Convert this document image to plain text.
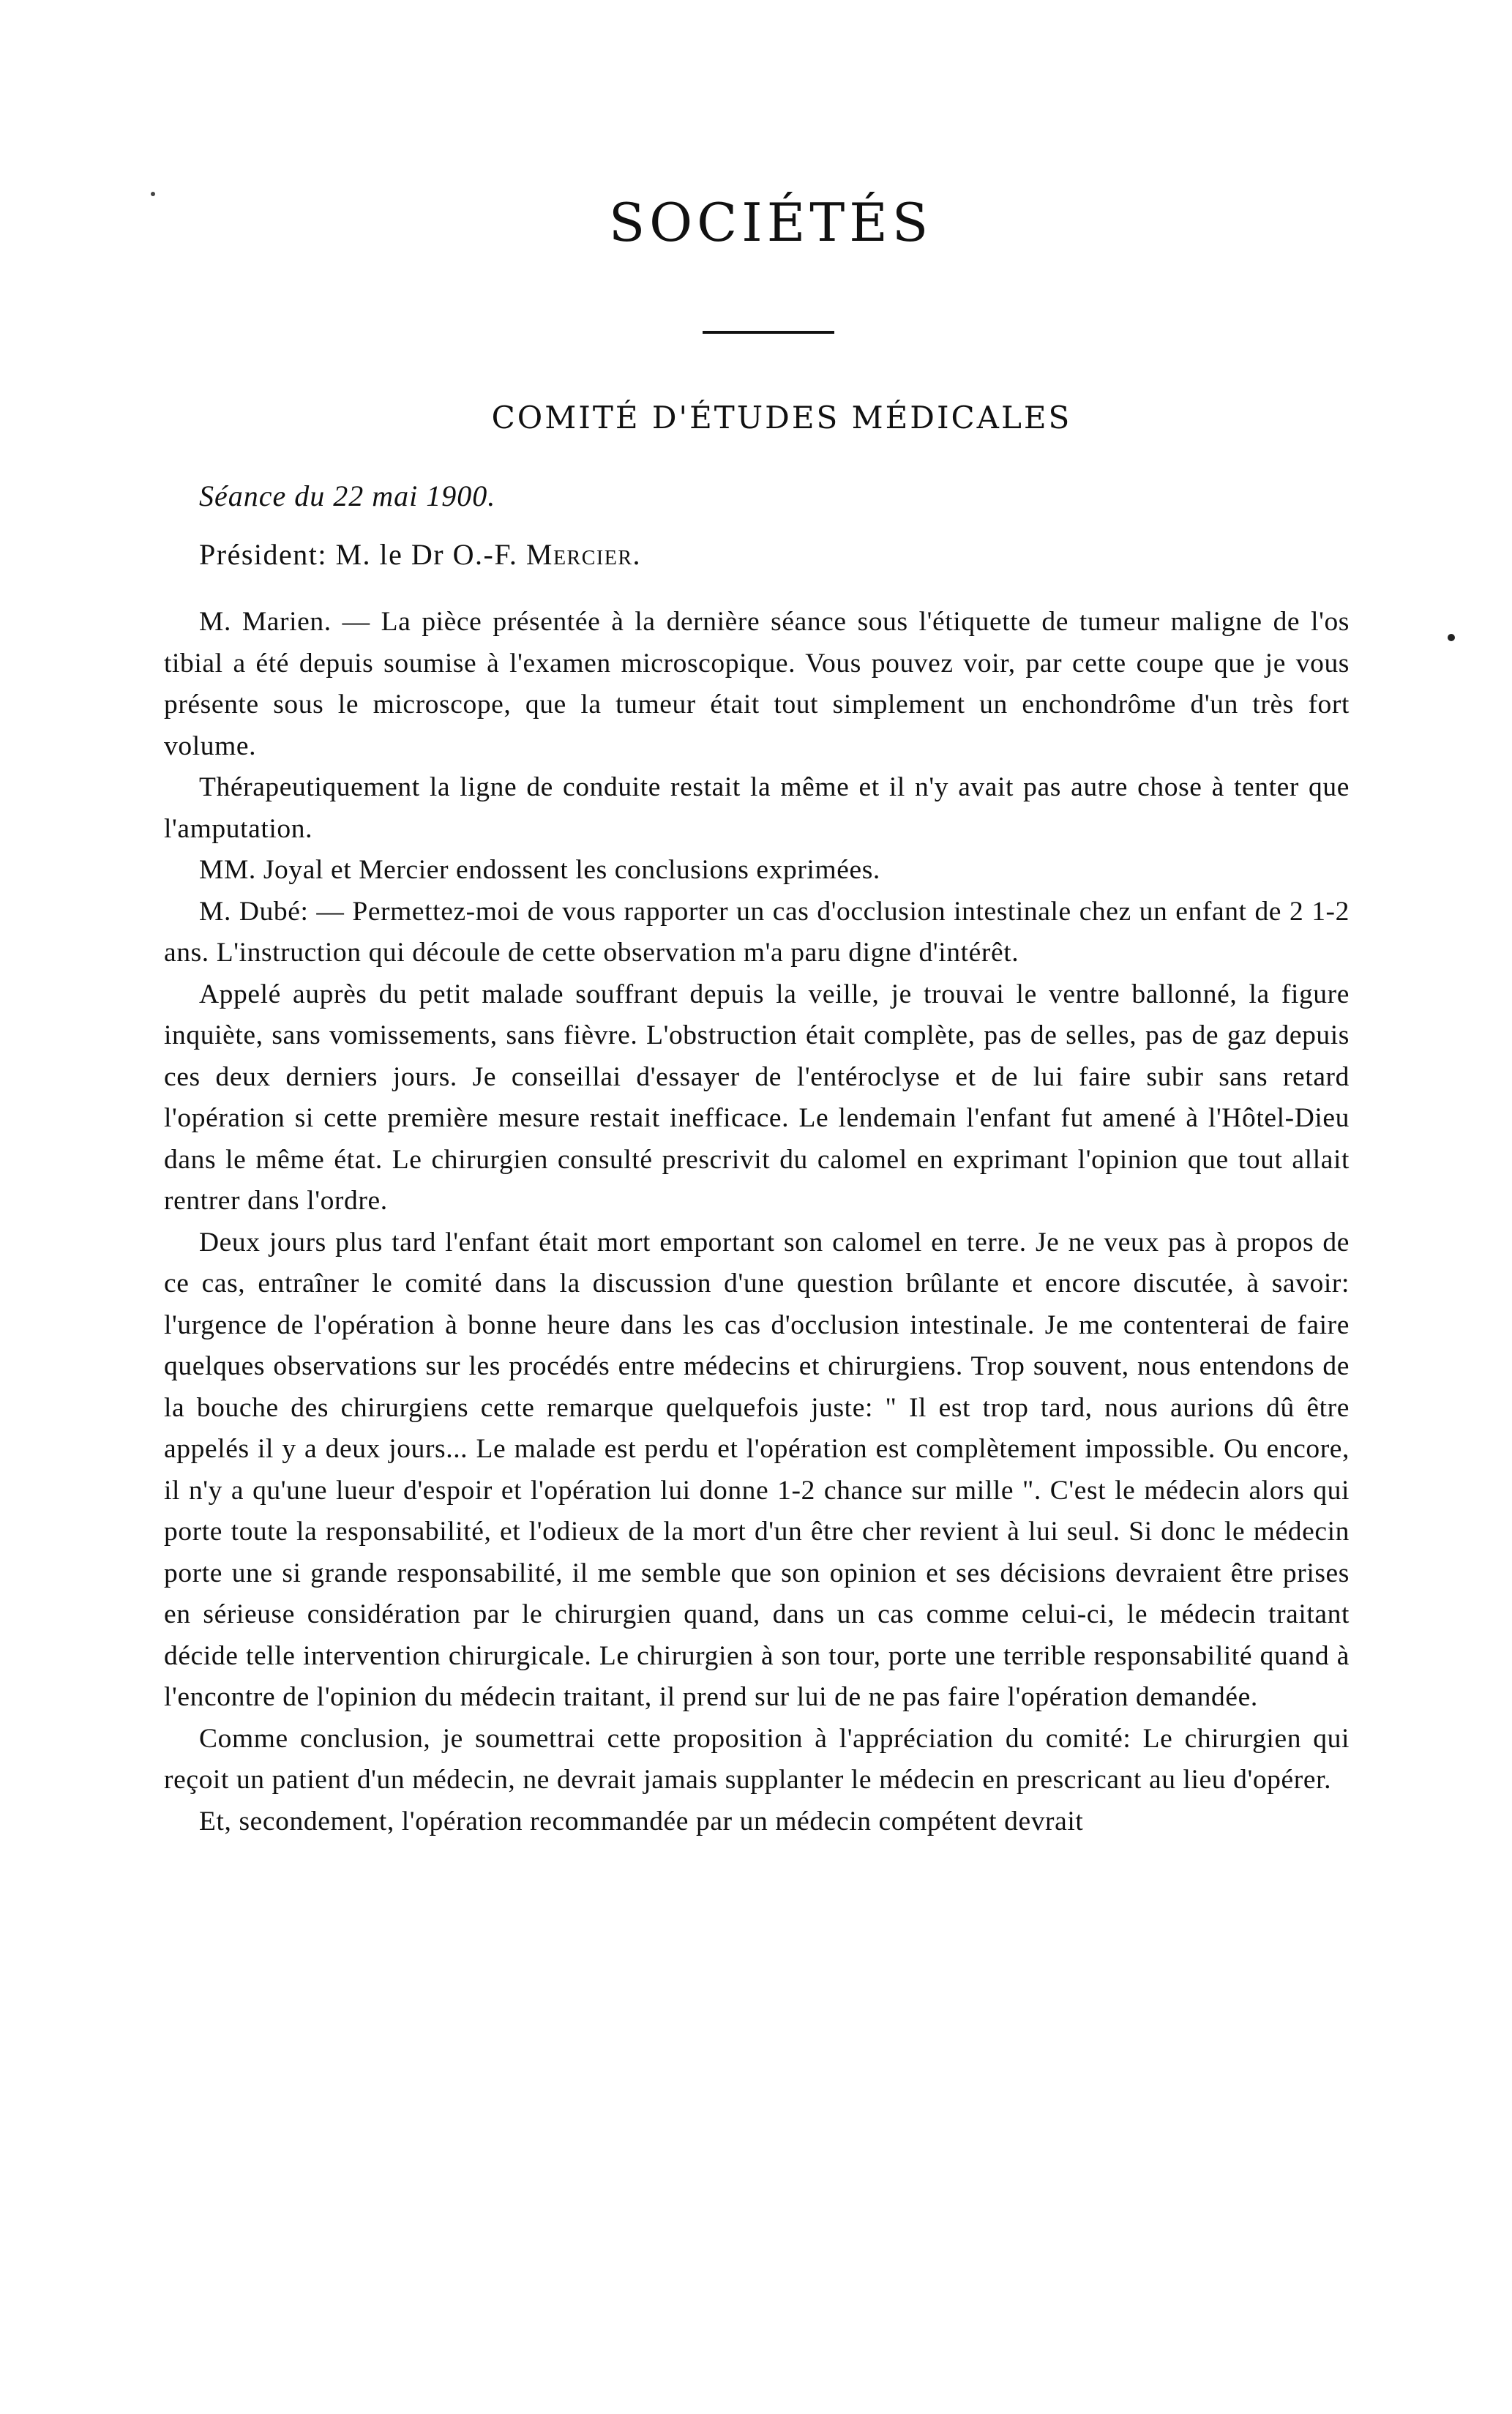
SOCIÉTÉS
COMITÉ D'ÉTUDES MÉDICALES
Séance du 22 mai 1900.
Président: M. le Dr O.-F. Mercier.

M. Marien. — La pièce présentée à la dernière séance sous l'étiquette de tumeur maligne de l'os tibial a été depuis soumise à l'examen microscopique. Vous pouvez voir, par cette coupe que je vous présente sous le microscope, que la tumeur était tout simplement un enchondrôme d'un très fort volume.

Thérapeutiquement la ligne de conduite restait la même et il n'y avait pas autre chose à tenter que l'amputation.

MM. Joyal et Mercier endossent les conclusions exprimées.

M. Dubé: — Permettez-moi de vous rapporter un cas d'occlusion intestinale chez un enfant de 2 1-2 ans. L'instruction qui découle de cette observation m'a paru digne d'intérêt.

Appelé auprès du petit malade souffrant depuis la veille, je trouvai le ventre ballonné, la figure inquiète, sans vomissements, sans fièvre. L'obstruction était complète, pas de selles, pas de gaz depuis ces deux derniers jours. Je conseillai d'essayer de l'entéroclyse et de lui faire subir sans retard l'opération si cette première mesure restait inefficace. Le lendemain l'enfant fut amené à l'Hôtel-Dieu dans le même état. Le chirurgien consulté prescrivit du calomel en exprimant l'opinion que tout allait rentrer dans l'ordre.

Deux jours plus tard l'enfant était mort emportant son calomel en terre. Je ne veux pas à propos de ce cas, entraîner le comité dans la discussion d'une question brûlante et encore discutée, à savoir: l'urgence de l'opération à bonne heure dans les cas d'occlusion intestinale. Je me contenterai de faire quelques observations sur les procédés entre médecins et chirurgiens. Trop souvent, nous entendons de la bouche des chirurgiens cette remarque quelquefois juste: " Il est trop tard, nous aurions dû être appelés il y a deux jours... Le malade est perdu et l'opération est complètement impossible. Ou encore, il n'y a qu'une lueur d'espoir et l'opération lui donne 1-2 chance sur mille ". C'est le médecin alors qui porte toute la responsabilité, et l'odieux de la mort d'un être cher revient à lui seul. Si donc le médecin porte une si grande responsabilité, il me semble que son opinion et ses décisions devraient être prises en sérieuse considération par le chirurgien quand, dans un cas comme celui-ci, le médecin traitant décide telle intervention chirurgicale. Le chirurgien à son tour, porte une terrible responsabilité quand à l'encontre de l'opinion du médecin traitant, il prend sur lui de ne pas faire l'opération demandée.

Comme conclusion, je soumettrai cette proposition à l'appréciation du comité: Le chirurgien qui reçoit un patient d'un médecin, ne devrait jamais supplanter le médecin en prescricant au lieu d'opérer.

Et, secondement, l'opération recommandée par un médecin compétent devrait
